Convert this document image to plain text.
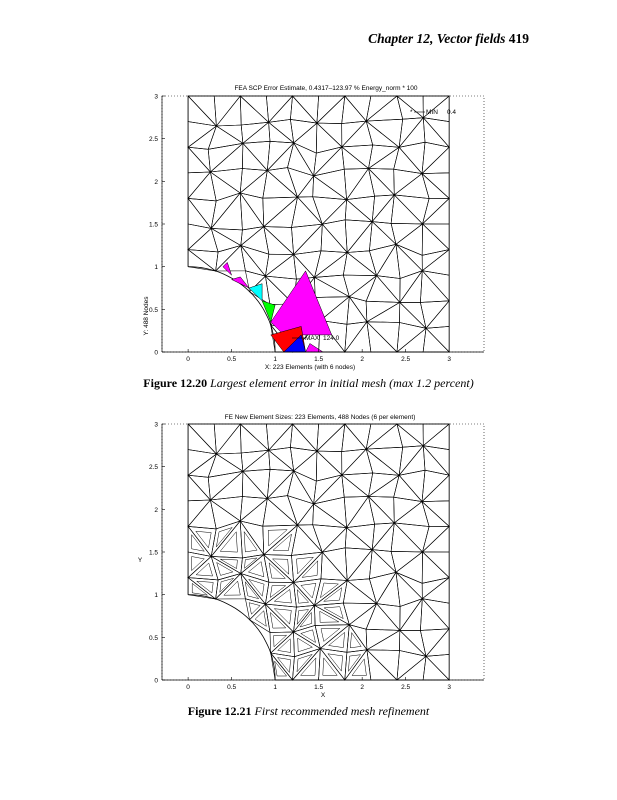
Chapter 12, Vector fields 419
0	0.5	1	1.5	2	2.5	3
0
0.5
1
1.5
2
2.5
3
FEA SCP Error Estimate, 0.4317–123.97 % Energy_norm * 100
X: 223 Elements (with 6 nodes)
Y: 488 Nodes
* MIN 0.4
MAX 124.0
Figure 12.20 Largest element error in initial mesh (max 1.2 percent)
0	0.5	1	1.5	2	2.5	3
0
0.5
1
1.5
2
2.5
3
FE New Element Sizes: 223 Elements, 488 Nodes (6 per element)
X
Y
Figure 12.21 First recommended mesh refinement
